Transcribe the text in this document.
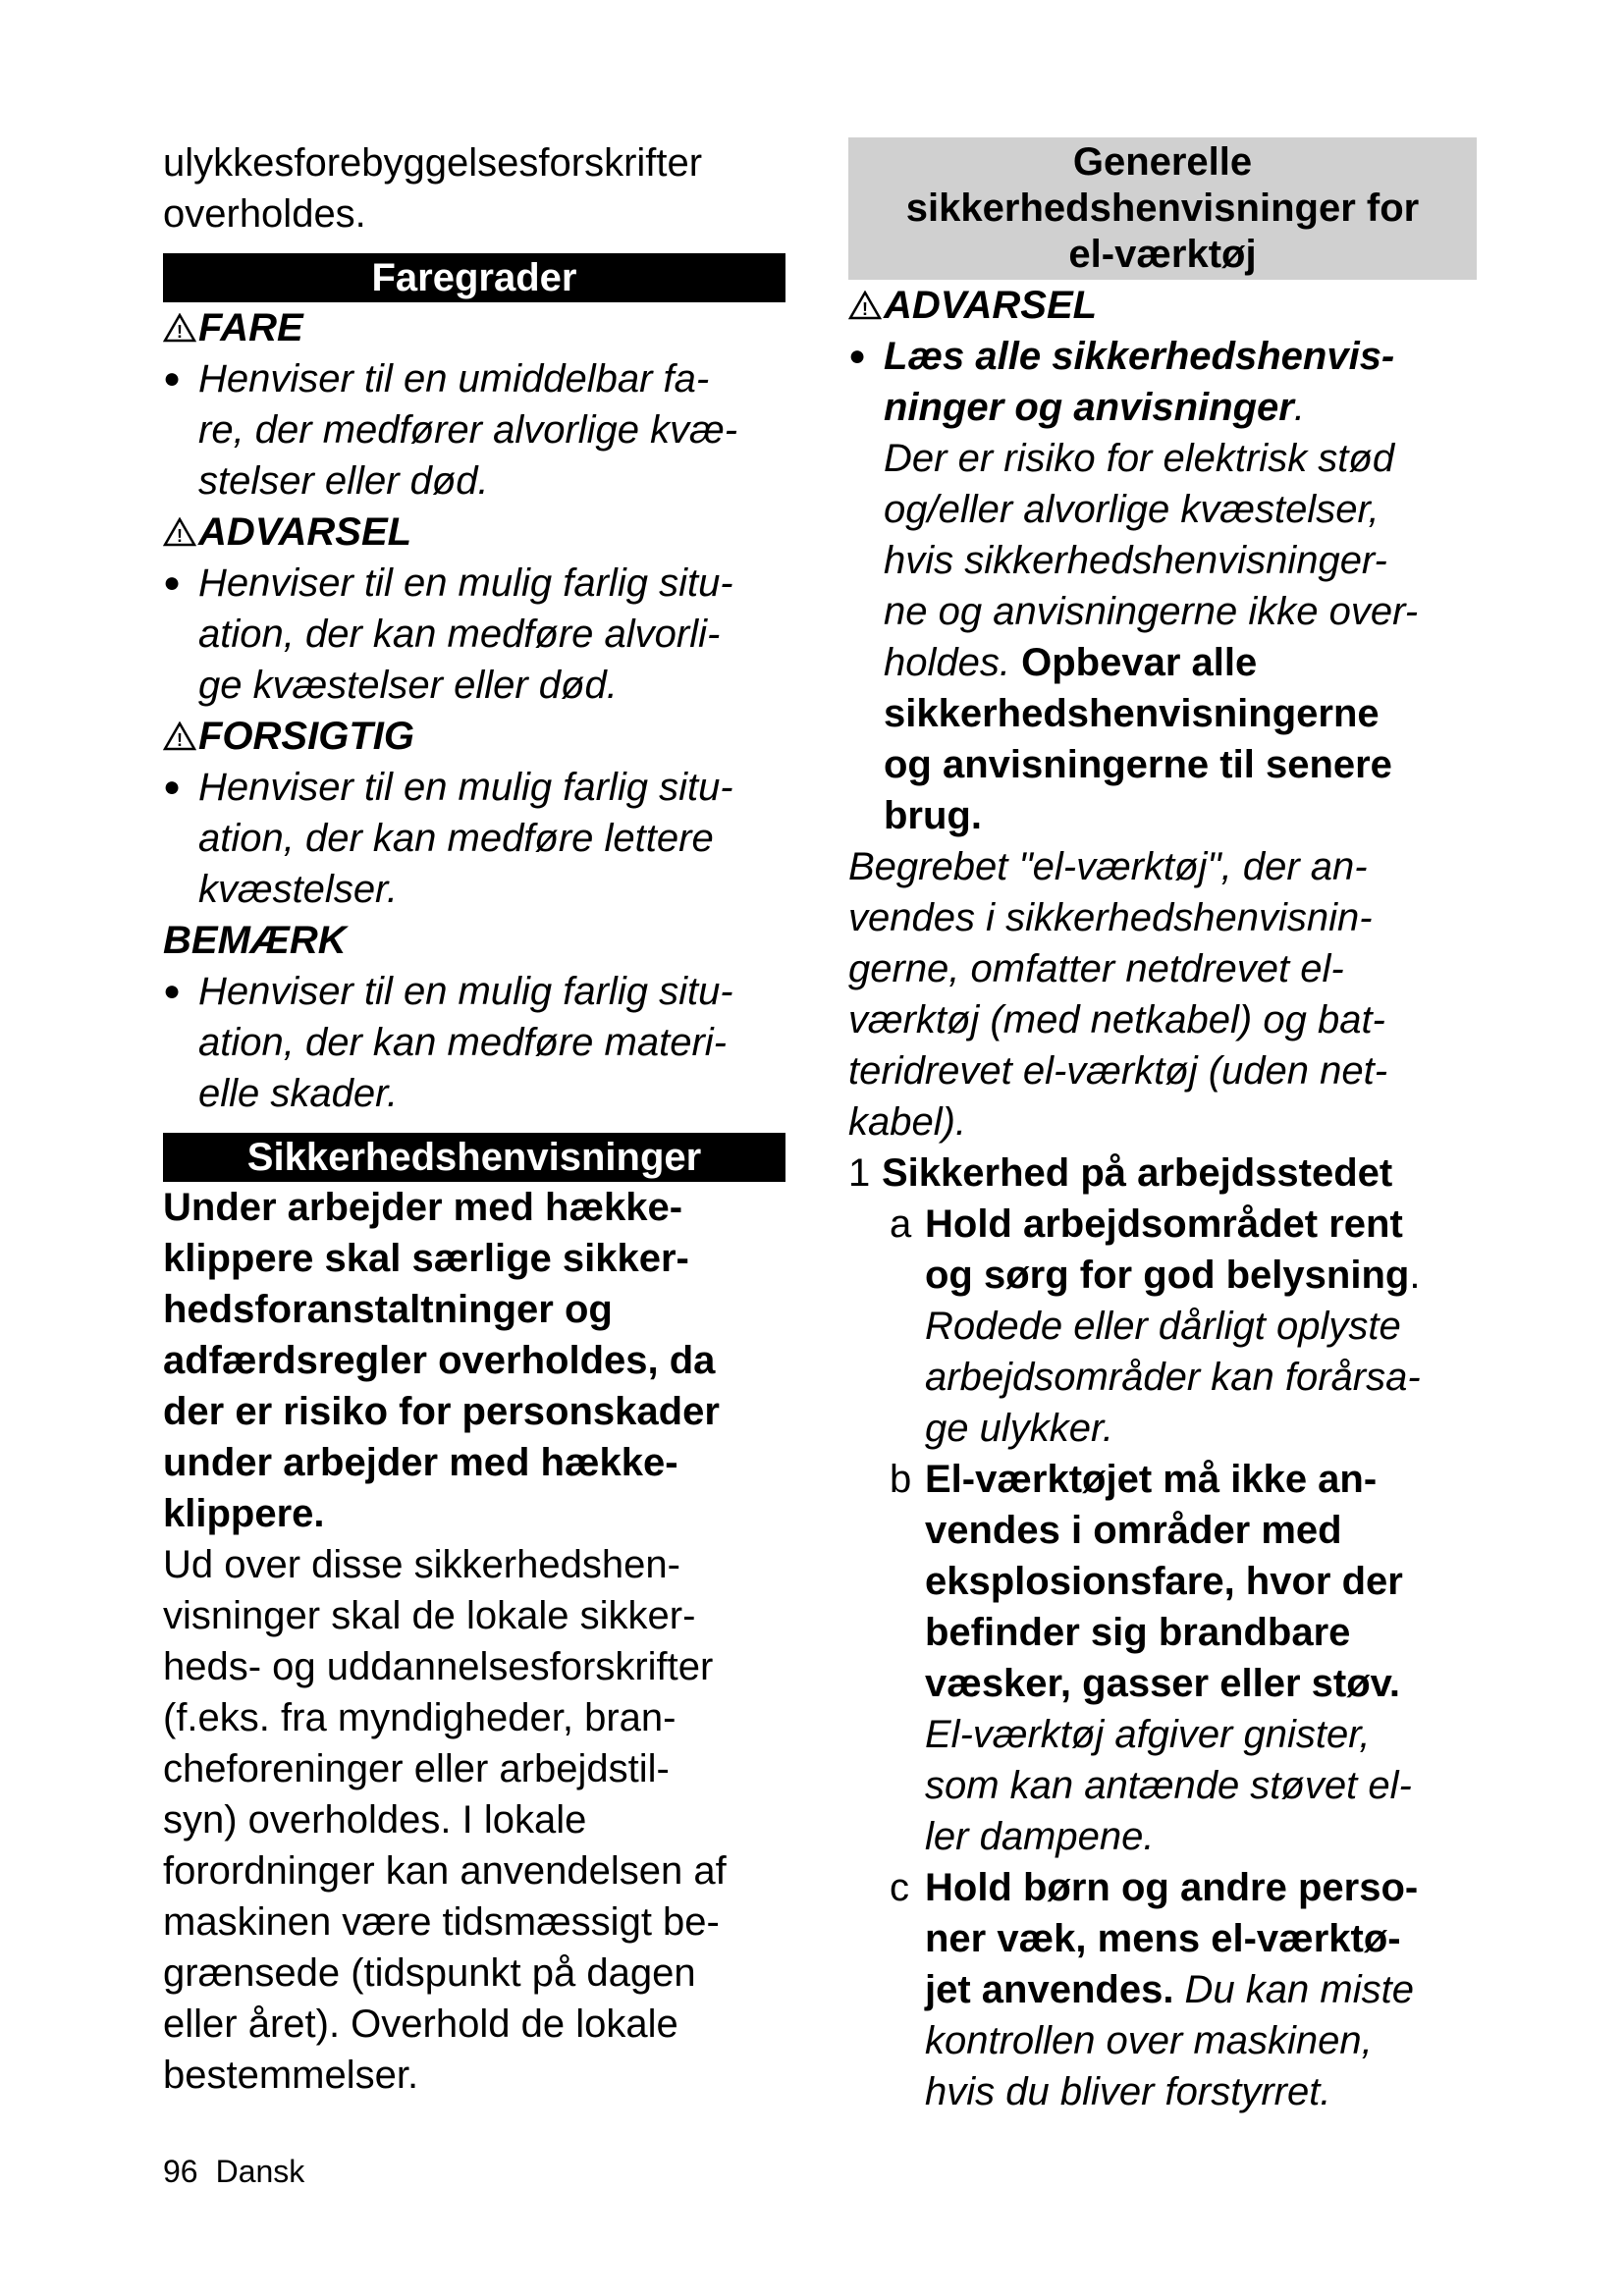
ulykkesforebyggelsesforskrifter

overholdes.

Faregrader

! FARE

● Henviser til en umiddelbar fa-
re, der medfører alvorlige kvæ-
stelser eller død.

! ADVARSEL

● Henviser til en mulig farlig situ-
ation, der kan medføre alvorli-
ge kvæstelser eller død.

! FORSIGTIG

● Henviser til en mulig farlig situ-
ation, der kan medføre lettere
kvæstelser.

BEMÆRK

● Henviser til en mulig farlig situ-
ation, der kan medføre materi-
elle skader.

Sikkerhedshenvisninger

Under arbejder med hække-

klippere skal særlige sikker-

hedsforanstaltninger og

adfærdsregler overholdes, da

der er risiko for personskader

under arbejder med hække-

klippere.

Ud over disse sikkerhedshen-

visninger skal de lokale sikker-

heds- og uddannelsesforskrifter

(f.eks. fra myndigheder, bran-

cheforeninger eller arbejdstil-

syn) overholdes. I lokale

forordninger kan anvendelsen af

maskinen være tidsmæssigt be-

grænsede (tidspunkt på dagen

eller året). Overhold de lokale

bestemmelser.

Generelle
sikkerhedshenvisninger for
el-værktøj

! ADVARSEL

● Læs alle sikkerhedshenvis-
ninger og anvisninger.
Der er risiko for elektrisk stød
og/eller alvorlige kvæstelser,
hvis sikkerhedshenvisninger-
ne og anvisningerne ikke over-
holdes. Opbevar alle
sikkerhedshenvisningerne
og anvisningerne til senere
brug.

Begrebet "el-værktøj", der an-

vendes i sikkerhedshenvisnin-

gerne, omfatter netdrevet el-

værktøj (med netkabel) og bat-

teridrevet el-værktøj (uden net-

kabel).

1 Sikkerhed på arbejdsstedet
a Hold arbejdsområdet rent
og sørg for god belysning.
Rodede eller dårligt oplyste
arbejdsområder kan forårsa-
ge ulykker.
b El-værktøjet må ikke an-
vendes i områder med
eksplosionsfare, hvor der
befinder sig brandbare
væsker, gasser eller støv.
El-værktøj afgiver gnister,
som kan antænde støvet el-
ler dampene.
c Hold børn og andre perso-
ner væk, mens el-værktø-
jet anvendes. Du kan miste
kontrollen over maskinen,
hvis du bliver forstyrret.
96 Dansk
